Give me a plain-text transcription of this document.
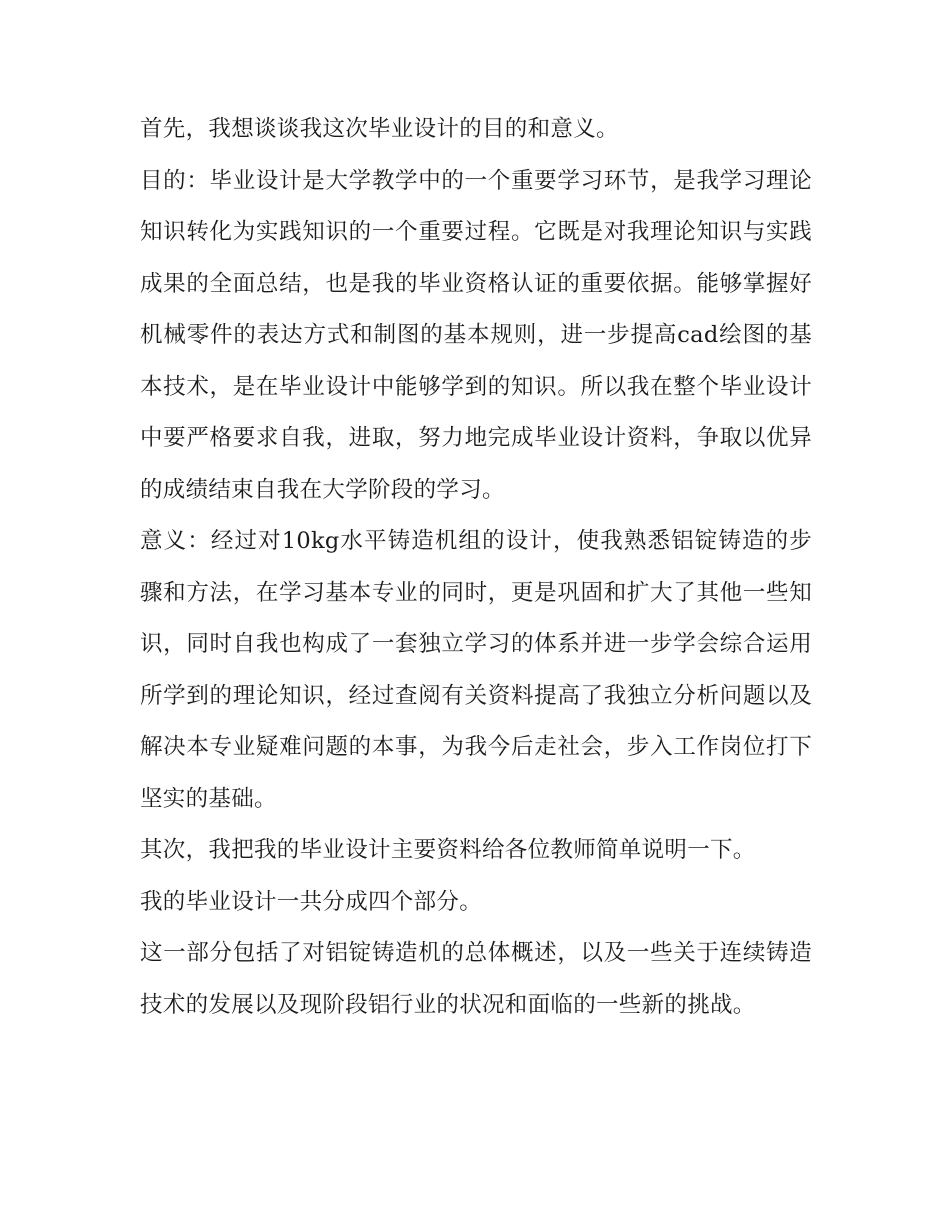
首先，我想谈谈我这次毕业设计的目的和意义。

目的：毕业设计是大学教学中的一个重要学习环节，是我学习理论知识转化为实践知识的一个重要过程。它既是对我理论知识与实践成果的全面总结，也是我的毕业资格认证的重要依据。能够掌握好机械零件的表达方式和制图的基本规则，进一步提高cad绘图的基本技术，是在毕业设计中能够学到的知识。所以我在整个毕业设计中要严格要求自我，进取，努力地完成毕业设计资料，争取以优异的成绩结束自我在大学阶段的学习。

意义：经过对10kg水平铸造机组的设计，使我熟悉铝锭铸造的步骤和方法，在学习基本专业的同时，更是巩固和扩大了其他一些知识，同时自我也构成了一套独立学习的体系并进一步学会综合运用所学到的理论知识，经过查阅有关资料提高了我独立分析问题以及解决本专业疑难问题的本事，为我今后走社会，步入工作岗位打下坚实的基础。

其次，我把我的毕业设计主要资料给各位教师简单说明一下。

我的毕业设计一共分成四个部分。

这一部分包括了对铝锭铸造机的总体概述，以及一些关于连续铸造技术的发展以及现阶段铝行业的状况和面临的一些新的挑战。
